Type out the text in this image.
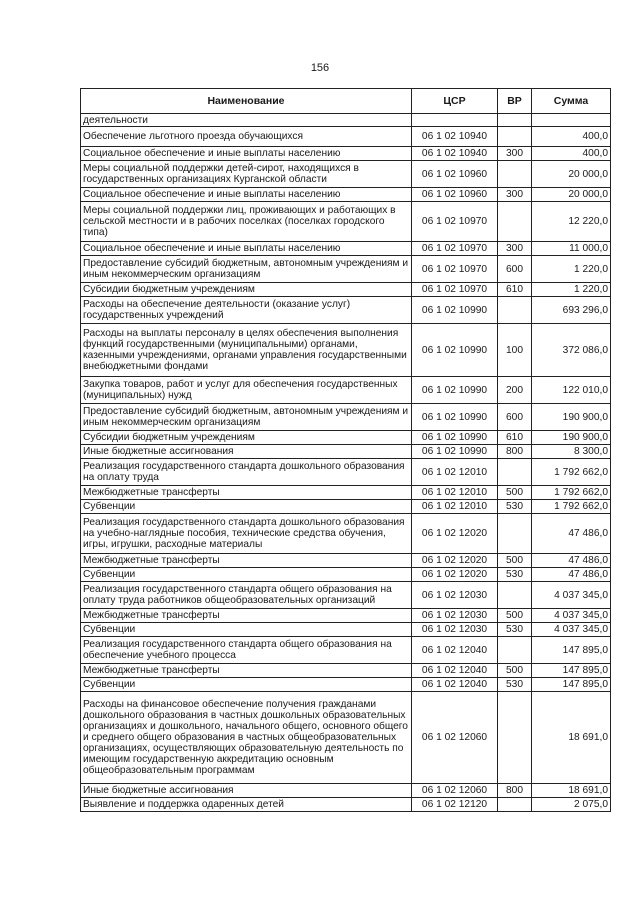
156
Наименование	ЦСР	ВР	Сумма
деятельности			
Обеспечение льготного проезда обучающихся	06 1 02 10940		400,0
Социальное обеспечение и иные выплаты населению	06 1 02 10940	300	400,0
Меры социальной поддержки детей-сирот, находящихся в государственных организациях Курганской области	06 1 02 10960		20 000,0
Социальное обеспечение и иные выплаты населению	06 1 02 10960	300	20 000,0
Меры социальной поддержки лиц, проживающих и работающих в сельской местности и в рабочих поселках (поселках городского типа)	06 1 02 10970		12 220,0
Социальное обеспечение и иные выплаты населению	06 1 02 10970	300	11 000,0
Предоставление субсидий бюджетным, автономным учреждениям и иным некоммерческим организациям	06 1 02 10970	600	1 220,0
Субсидии бюджетным учреждениям	06 1 02 10970	610	1 220,0
Расходы на обеспечение деятельности (оказание услуг) государственных учреждений	06 1 02 10990		693 296,0
Расходы на выплаты персоналу в целях обеспечения выполнения функций государственными (муниципальными) органами, казенными учреждениями, органами управления государственными внебюджетными фондами	06 1 02 10990	100	372 086,0
Закупка товаров, работ и услуг для обеспечения государственных (муниципальных) нужд	06 1 02 10990	200	122 010,0
Предоставление субсидий бюджетным, автономным учреждениям и иным некоммерческим организациям	06 1 02 10990	600	190 900,0
Субсидии бюджетным учреждениям	06 1 02 10990	610	190 900,0
Иные бюджетные ассигнования	06 1 02 10990	800	8 300,0
Реализация государственного стандарта дошкольного образования на оплату труда	06 1 02 12010		1 792 662,0
Межбюджетные трансферты	06 1 02 12010	500	1 792 662,0
Субвенции	06 1 02 12010	530	1 792 662,0
Реализация государственного стандарта дошкольного образования на учебно-наглядные пособия, технические средства обучения, игры, игрушки, расходные материалы	06 1 02 12020		47 486,0
Межбюджетные трансферты	06 1 02 12020	500	47 486,0
Субвенции	06 1 02 12020	530	47 486,0
Реализация государственного стандарта общего образования на оплату труда работников общеобразовательных организаций	06 1 02 12030		4 037 345,0
Межбюджетные трансферты	06 1 02 12030	500	4 037 345,0
Субвенции	06 1 02 12030	530	4 037 345,0
Реализация государственного стандарта общего образования на обеспечение учебного процесса	06 1 02 12040		147 895,0
Межбюджетные трансферты	06 1 02 12040	500	147 895,0
Субвенции	06 1 02 12040	530	147 895,0
Расходы на финансовое обеспечение получения гражданами дошкольного образования в частных дошкольных образовательных организациях и дошкольного, начального общего, основного общего и среднего общего образования в частных общеобразовательных организациях, осуществляющих образовательную деятельность по имеющим государственную аккредитацию основным общеобразовательным программам	06 1 02 12060		18 691,0
Иные бюджетные ассигнования	06 1 02 12060	800	18 691,0
Выявление и поддержка одаренных детей	06 1 02 12120		2 075,0
